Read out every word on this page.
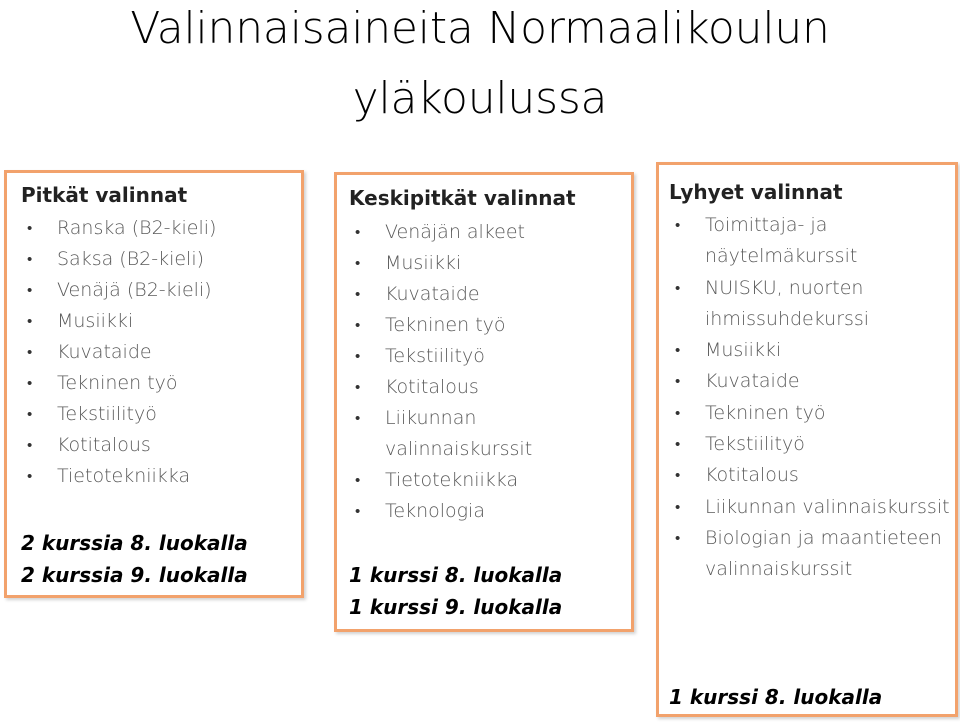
Valinnaisaineita Normaalikoulun
yläkoulussa
Pitkät valinnat
• Ranska (B2-kieli)
• Saksa (B2-kieli)
• Venäjä (B2-kieli)
• Musiikki
• Kuvataide
• Tekninen työ
• Tekstiilityö
• Kotitalous
• Tietotekniikka
2 kurssia 8. luokalla
2 kurssia 9. luokalla
Keskipitkät valinnat
• Venäjän alkeet
• Musiikki
• Kuvataide
• Tekninen työ
• Tekstiilityö
• Kotitalous
• Liikunnan valinnaiskurssit
• Tietotekniikka
• Teknologia
1 kurssi 8. luokalla
1 kurssi 9. luokalla
Lyhyet valinnat
• Toimittaja- ja näytelmäkurssit
• NUISKU, nuorten ihmissuhdekurssi
• Musiikki
• Kuvataide
• Tekninen työ
• Tekstiilityö
• Kotitalous
• Liikunnan valinnaiskurssit
• Biologian ja maantieteen valinnaiskurssit
1 kurssi 8. luokalla
